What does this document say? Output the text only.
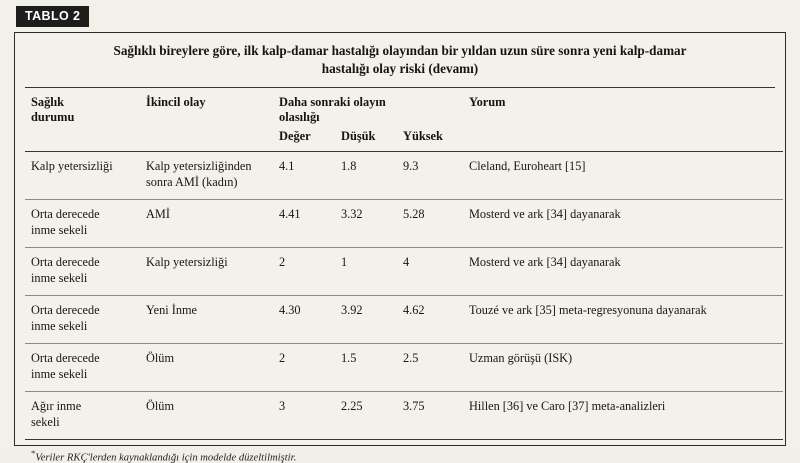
TABLO 2
Sağlıklı bireylere göre, ilk kalp-damar hastalığı olayından bir yıldan uzun süre sonra yeni kalp-damar
hastalığı olay riski (devamı)
Sağlık
durumu	İkincil olay	Daha sonraki olayın
olasılığı			Yorum
		Değer	Düşük	Yüksek	

Kalp yetersizliği	Kalp yetersizliğinden
sonra AMİ (kadın)	4.1	1.8	9.3	Cleland, Euroheart [15]

Orta derecede
inme sekeli	AMİ	4.41	3.32	5.28	Mosterd ve ark [34] dayanarak

Orta derecede
inme sekeli	Kalp yetersizliği	2	1	4	Mosterd ve ark [34] dayanarak

Orta derecede
inme sekeli	Yeni İnme	4.30	3.92	4.62	Touzé ve ark [35] meta-regresyonuna dayanarak

Orta derecede
inme sekeli	Ölüm	2	1.5	2.5	Uzman görüşü (ISK)

Ağır inme
sekeli	Ölüm	3	2.25	3.75	Hillen [36] ve Caro [37] meta-analizleri
*Veriler RKÇ'lerden kaynaklandığı için modelde düzeltilmiştir.
